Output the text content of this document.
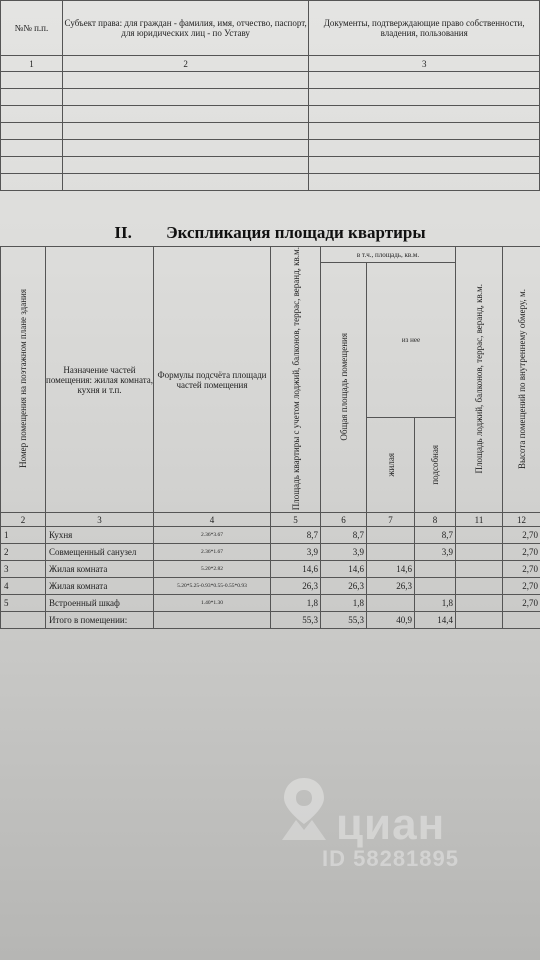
№№ п.п.	Субъект права: для граждан - фамилия, имя, отчество, паспорт, для юридических лиц - по Уставу	Документы, подтверждающие право собственности, владения, пользования
1	2	3

II. Экспликация площади квартиры
Номер помещения на поэтажном плане здания	Назначение частей помещения: жилая комната, кухня и т.п.	Формулы подсчёта площади частей помещения	Площадь квартиры с учетом лоджий, балконов, террас, веранд, кв.м.	в т.ч., площадь, кв.м.			Площадь лоджий, балконов, террас, веранд, кв.м.	Высота помещений по внутреннему обмеру, м.
				Общая площадь помещения	из нее			
					жилая	подсобная		
2	3	4	5	6	7	8	11	12
1	Кухня	2.36*3.67	8,7	8,7		8,7		2,70
2	Совмещенный санузел	2.36*1.67	3,9	3,9		3,9		2,70
3	Жилая комната	5.20*2.82	14,6	14,6	14,6			2,70
4	Жилая комната	5.20*5.25-0.93*0.55-0.55*0.93	26,3	26,3	26,3			2,70
5	Встроенный шкаф	1.40*1.30	1,8	1,8		1,8		2,70
	Итого в помещении:		55,3	55,3	40,9	14,4		
циан
ID 58281895
